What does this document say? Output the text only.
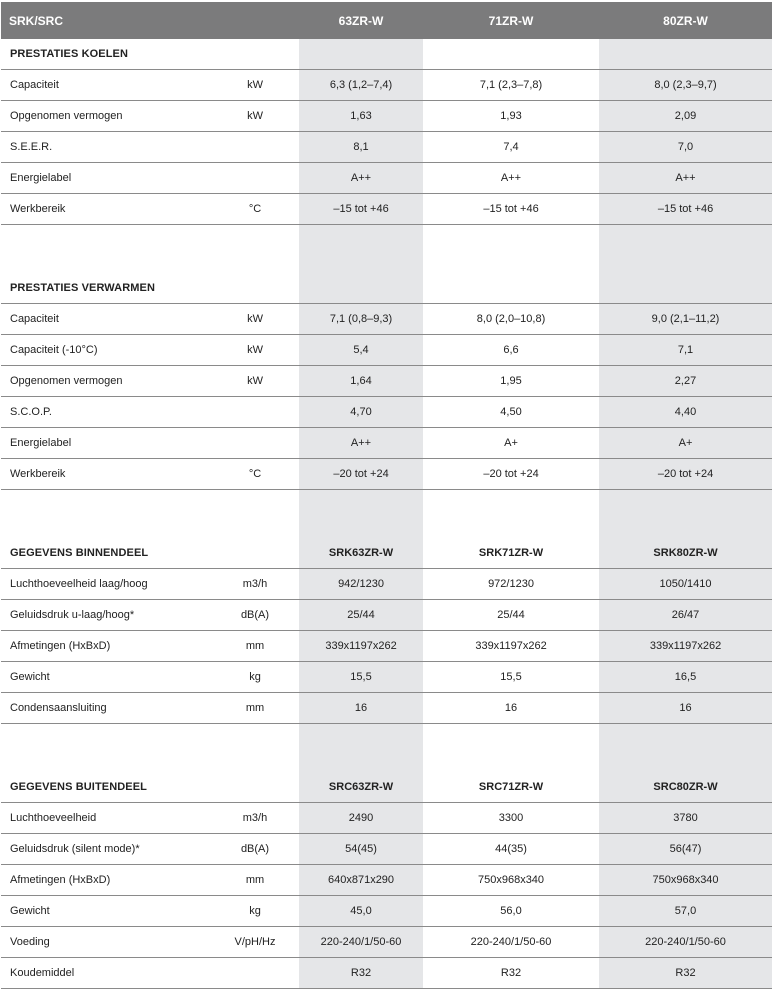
SRK/SRC		63ZR-W	71ZR-W	80ZR-W
PRESTATIES KOELEN				
Capaciteit	kW	6,3 (1,2–7,4)	7,1 (2,3–7,8)	8,0 (2,3–9,7)
Opgenomen vermogen	kW	1,63	1,93	2,09
S.E.E.R.		8,1	7,4	7,0
Energielabel		A++	A++	A++
Werkbereik	°C	–15 tot +46	–15 tot +46	–15 tot +46

PRESTATIES VERWARMEN				
Capaciteit	kW	7,1 (0,8–9,3)	8,0 (2,0–10,8)	9,0 (2,1–11,2)
Capaciteit (-10°C)	kW	5,4	6,6	7,1
Opgenomen vermogen	kW	1,64	1,95	2,27
S.C.O.P.		4,70	4,50	4,40
Energielabel		A++	A+	A+
Werkbereik	°C	–20 tot +24	–20 tot +24	–20 tot +24

GEGEVENS BINNENDEEL		SRK63ZR-W	SRK71ZR-W	SRK80ZR-W
Luchthoeveelheid laag/hoog	m3/h	942/1230	972/1230	1050/1410
Geluidsdruk u-laag/hoog*	dB(A)	25/44	25/44	26/47
Afmetingen (HxBxD)	mm	339x1197x262	339x1197x262	339x1197x262
Gewicht	kg	15,5	15,5	16,5
Condensaansluiting	mm	16	16	16

GEGEVENS BUITENDEEL		SRC63ZR-W	SRC71ZR-W	SRC80ZR-W
Luchthoeveelheid	m3/h	2490	3300	3780
Geluidsdruk (silent mode)*	dB(A)	54(45)	44(35)	56(47)
Afmetingen (HxBxD)	mm	640x871x290	750x968x340	750x968x340
Gewicht	kg	45,0	56,0	57,0
Voeding	V/pH/Hz	220-240/1/50-60	220-240/1/50-60	220-240/1/50-60
Koudemiddel		R32	R32	R32
